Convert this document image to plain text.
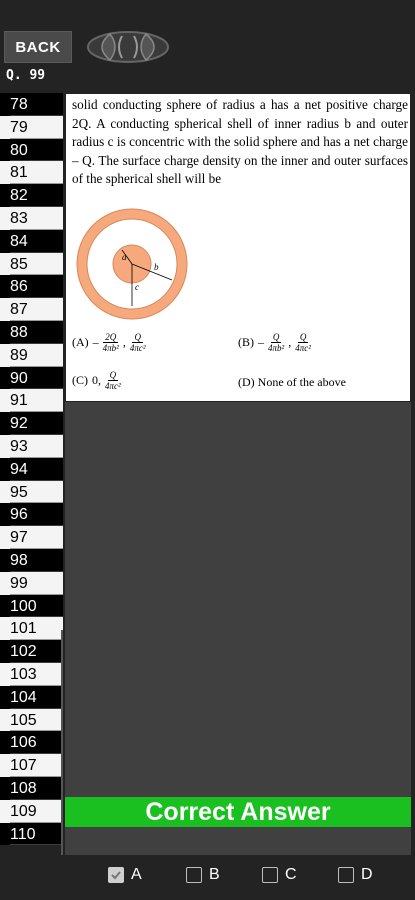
BACK
Q. 99
78
79
80
81
82
83
84
85
86
87
88
89
90
91
92
93
94
95
96
97
98
99
100
101
102
103
104
105
106
107
108
109
110
solid conducting sphere of radius a has a net positive charge 2Q. A conducting spherical shell of inner radius b and outer radius c is concentric with the solid sphere and has a net charge – Q. The surface charge density on the inner and outer surfaces of the spherical shell will be
a
b
c
$(A) - \frac{2Q}{\text{4πb²}}$ , $\frac{Q}{\text{4πc²}}$	$(B) - \frac{Q}{\text{4πb²}}$ , $\frac{Q}{\text{4πc²}}$
(C) 0, $\frac{Q}{\text{4πc²}}$	(D) None of the above
Correct Answer
A	B	C	D
